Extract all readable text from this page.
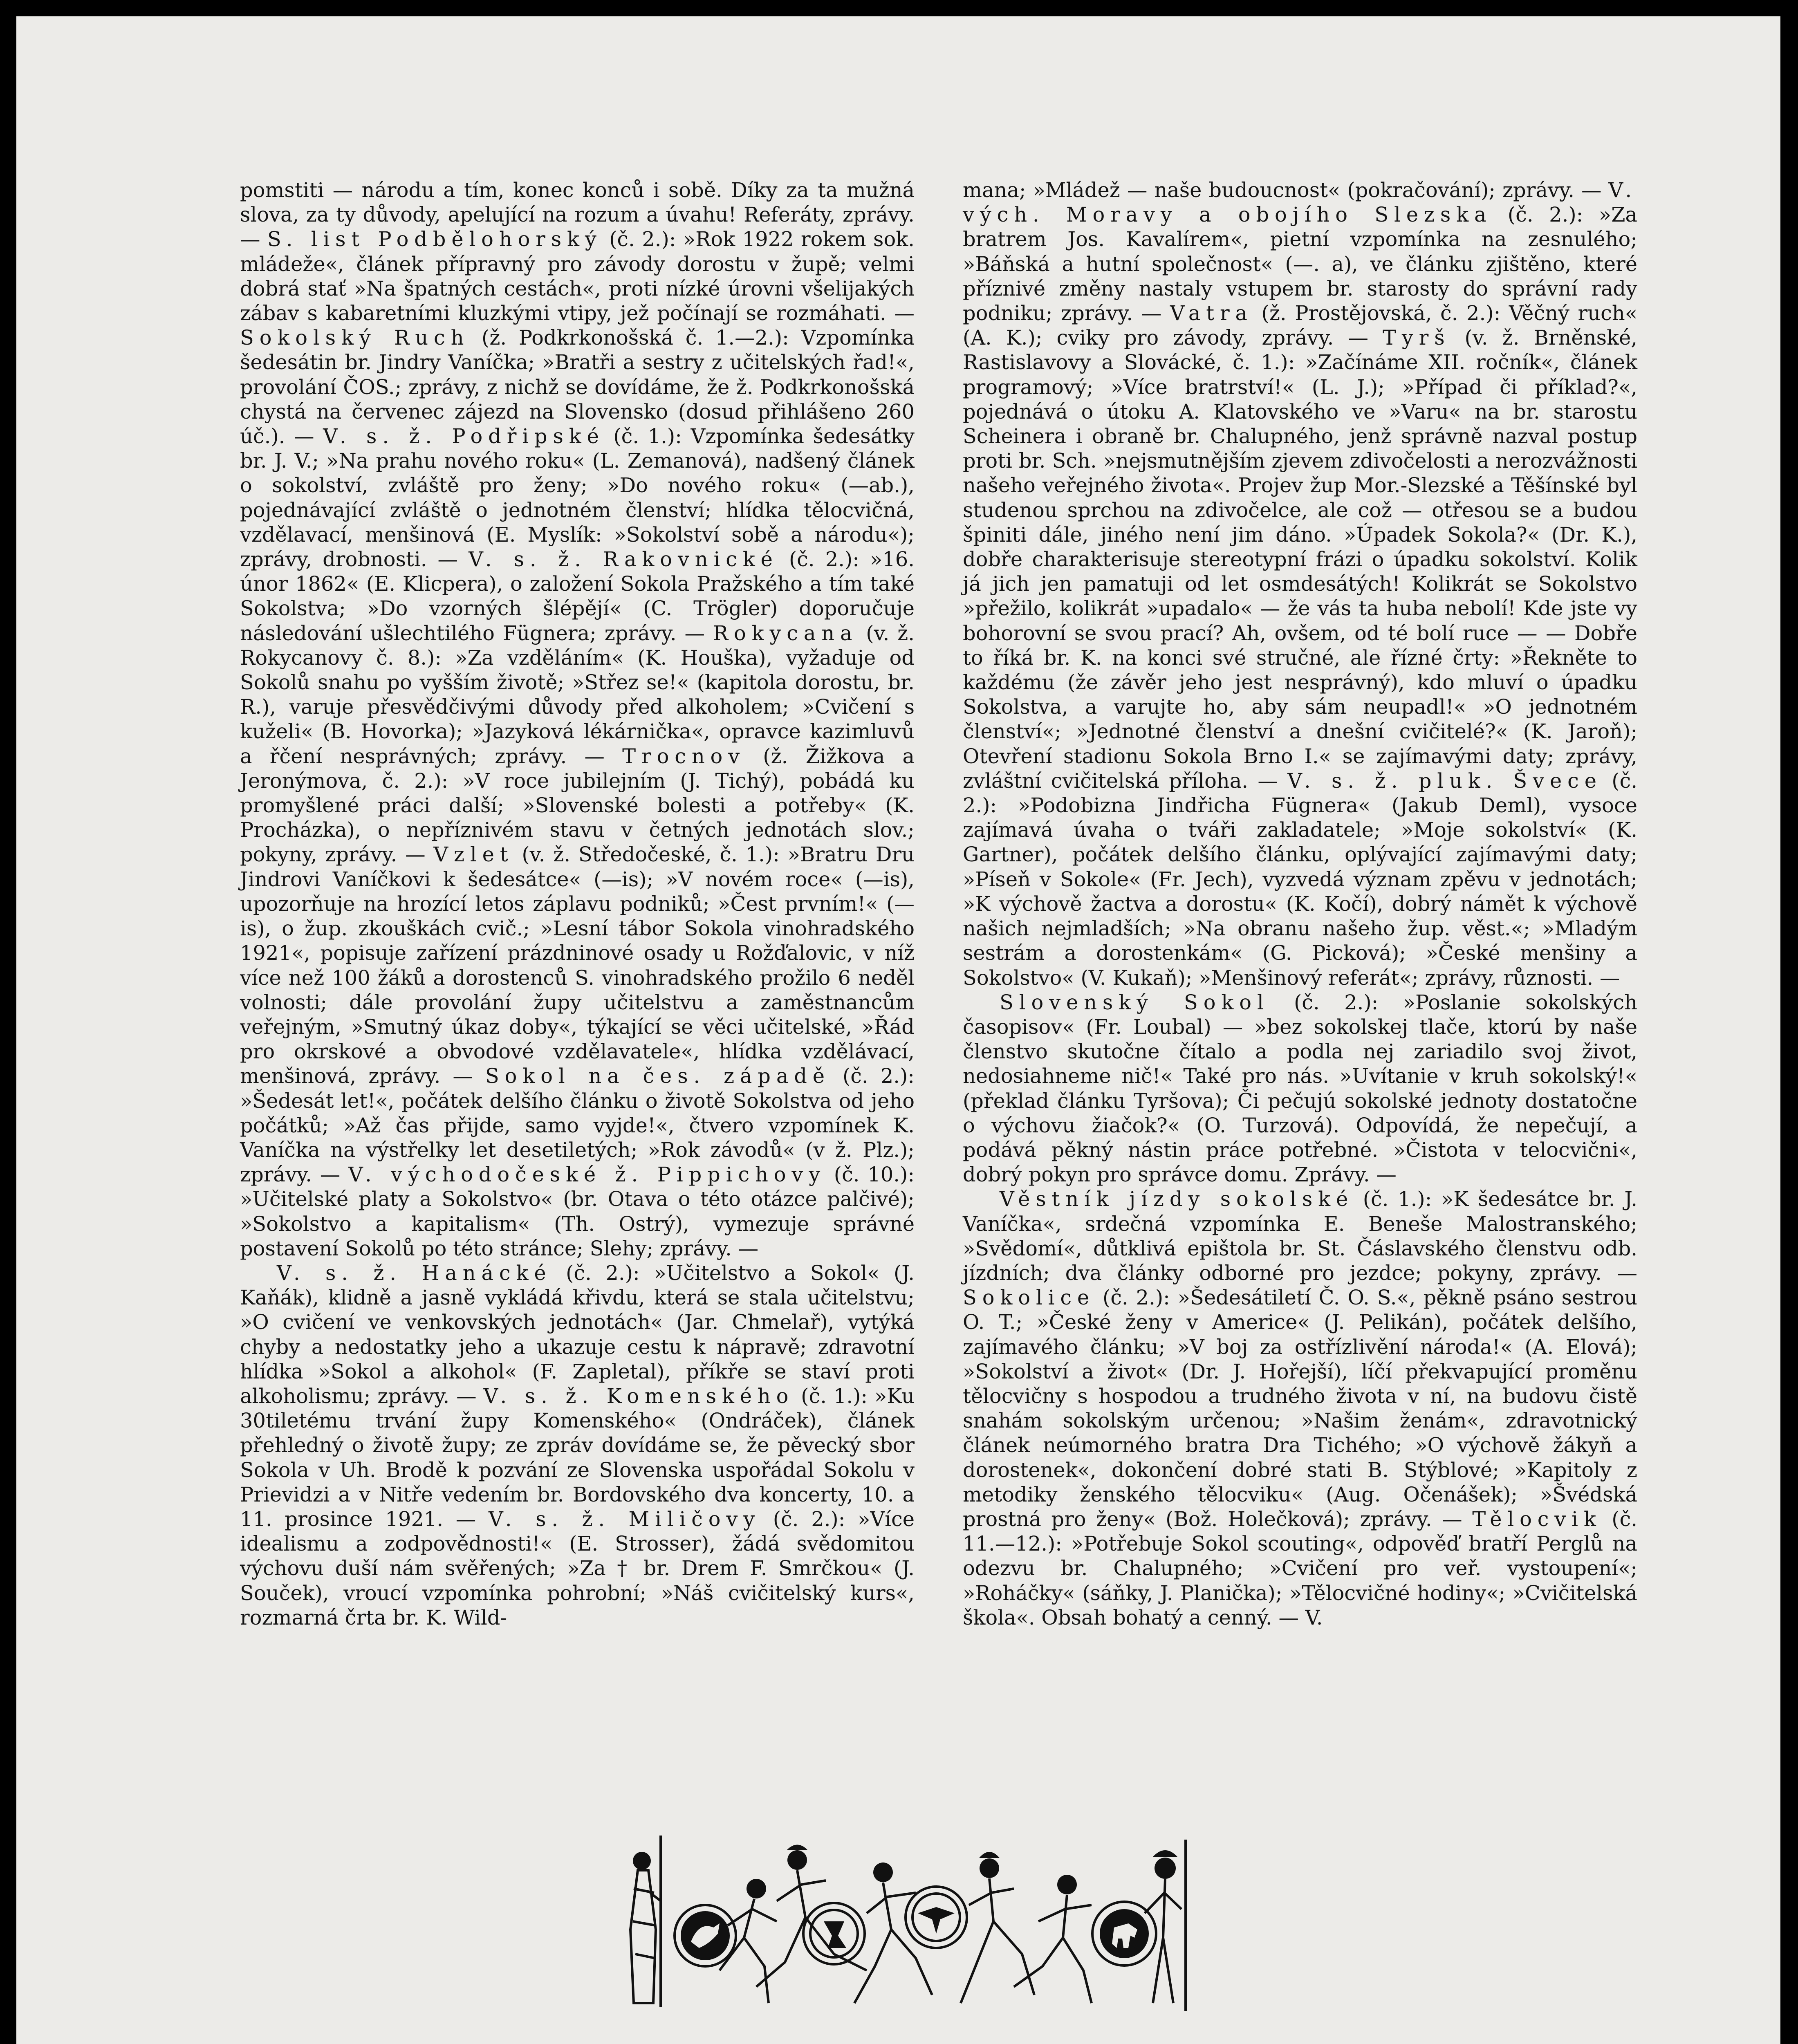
pomstiti — národu a tím, konec konců i sobě. Díky za ta mužná slova, za ty důvody, apelující na rozum a úvahu! Referáty, zprávy. — S. list Podbělohorský (č. 2.): »Rok 1922 rokem sok. mládeže«, článek přípravný pro závody dorostu v župě; velmi dobrá stať »Na špatných cestách«, proti nízké úrovni všelijakých zábav s kabaretními kluzkými vtipy, jež počínají se rozmáhati. — Sokolský Ruch (ž. Podkrkonošská č. 1.—2.): Vzpomínka šedesátin br. Jindry Vaníčka; »Bratři a sestry z učitelských řad!«, provolání ČOS.; zprávy, z nichž se dovídáme, že ž. Podkrkonošská chystá na červenec zájezd na Slovensko (dosud přihlášeno 260 úč.). — V. s. ž. Podřipské (č. 1.): Vzpomínka šedesátky br. J. V.; »Na prahu nového roku« (L. Zemanová), nadšený článek o sokolství, zvláště pro ženy; »Do nového roku« (—ab.), pojednávající zvláště o jednotném členství; hlídka tělocvičná, vzdělavací, menšinová (E. Myslík: »Sokolství sobě a národu«); zprávy, drobnosti. — V. s. ž. Rakovnické (č. 2.): »16. únor 1862« (E. Klicpera), o založení Sokola Pražského a tím také Sokolstva; »Do vzorných šlépějí« (C. Trögler) doporučuje následování ušlechtilého Fügnera; zprávy. — Rokycana (v. ž. Rokycanovy č. 8.): »Za vzděláním« (K. Houška), vyžaduje od Sokolů snahu po vyšším životě; »Střez se!« (kapitola dorostu, br. R.), varuje přesvědčivými důvody před alkoholem; »Cvičení s kuželi« (B. Hovorka); »Jazyková lékárnička«, opravce kazimluvů a řčení nesprávných; zprávy. — Trocnov (ž. Žižkova a Jeronýmova, č. 2.): »V roce jubilejním (J. Tichý), pobádá ku promyšlené práci další; »Slovenské bolesti a potřeby« (K. Procházka), o nepříznivém stavu v četných jednotách slov.; pokyny, zprávy. — Vzlet (v. ž. Středočeské, č. 1.): »Bratru Dru Jindrovi Vaníčkovi k šedesátce« (—is); »V novém roce« (—is), upozorňuje na hrozící letos záplavu podniků; »Čest prvním!« (—is), o žup. zkouškách cvič.; »Lesní tábor Sokola vinohradského 1921«, popisuje zařízení prázdninové osady u Rožďalovic, v níž více než 100 žáků a dorostenců S. vinohradského prožilo 6 neděl volnosti; dále provolání župy učitelstvu a zaměstnancům veřejným, »Smutný úkaz doby«, týkající se věci učitelské, »Řád pro okrskové a obvodové vzdělavatele«, hlídka vzdělávací, menšinová, zprávy. — Sokol na čes. západě (č. 2.): »Šedesát let!«, počátek delšího článku o životě Sokolstva od jeho počátků; »Až čas přijde, samo vyjde!«, čtvero vzpomínek K. Vaníčka na výstřelky let desetiletých; »Rok závodů« (v ž. Plz.); zprávy. — V. východočeské ž. Pippichovy (č. 10.): »Učitelské platy a Sokolstvo« (br. Otava o této otázce palčivé); »Sokolstvo a kapitalism« (Th. Ostrý), vymezuje správné postavení Sokolů po této stránce; Slehy; zprávy. —

V. s. ž. Hanácké (č. 2.): »Učitelstvo a Sokol« (J. Kaňák), klidně a jasně vykládá křivdu, která se stala učitelstvu; »O cvičení ve venkovských jednotách« (Jar. Chmelař), vytýká chyby a nedostatky jeho a ukazuje cestu k nápravě; zdravotní hlídka »Sokol a alkohol« (F. Zapletal), příkře se staví proti alkoholismu; zprávy. — V. s. ž. Komenského (č. 1.): »Ku 30tiletému trvání župy Komenského« (Ondráček), článek přehledný o životě župy; ze zpráv dovídáme se, že pěvecký sbor Sokola v Uh. Brodě k pozvání ze Slovenska uspořádal Sokolu v Prievidzi a v Nitře vedením br. Bordovského dva koncerty, 10. a 11. prosince 1921. — V. s. ž. Miličovy (č. 2.): »Více idealismu a zodpovědnosti!« (E. Strosser), žádá svědomitou výchovu duší nám svěřených; »Za † br. Drem F. Smrčkou« (J. Souček), vroucí vzpomínka pohrobní; »Náš cvičitelský kurs«, rozmarná črta br. K. Wild-

mana; »Mládež — naše budoucnost« (pokračování); zprávy. — V. vých. Moravy a obojího Slezska (č. 2.): »Za bratrem Jos. Kavalírem«, pietní vzpomínka na zesnulého; »Báňská a hutní společnost« (—. a), ve článku zjištěno, které příznivé změny nastaly vstupem br. starosty do správní rady podniku; zprávy. — Vatra (ž. Prostějovská, č. 2.): Věčný ruch« (A. K.); cviky pro závody, zprávy. — Tyrš (v. ž. Brněnské, Rastislavovy a Slovácké, č. 1.): »Začínáme XII. ročník«, článek programový; »Více bratrství!« (L. J.); »Případ či příklad?«, pojednává o útoku A. Klatovského ve »Varu« na br. starostu Scheinera i obraně br. Chalupného, jenž správně nazval postup proti br. Sch. »nejsmutnějším zjevem zdivočelosti a nerozvážnosti našeho veřejného života«. Projev žup Mor.-Slezské a Těšínské byl studenou sprchou na zdivočelce, ale což — otřesou se a budou špiniti dále, jiného není jim dáno. »Úpadek Sokola?« (Dr. K.), dobře charakterisuje stereotypní frázi o úpadku sokolství. Kolik já jich jen pamatuji od let osmdesátých! Kolikrát se Sokolstvo »přežilo, kolikrát »upadalo« — že vás ta huba nebolí! Kde jste vy bohorovní se svou prací? Ah, ovšem, od té bolí ruce — — Dobře to říká br. K. na konci své stručné, ale řízné črty: »Řekněte to každému (že závěr jeho jest nesprávný), kdo mluví o úpadku Sokolstva, a varujte ho, aby sám neupadl!« »O jednotném členství«; »Jednotné členství a dnešní cvičitelé?« (K. Jaroň); Otevření stadionu Sokola Brno I.« se zajímavými daty; zprávy, zvláštní cvičitelská příloha. — V. s. ž. pluk. Švece (č. 2.): »Podobizna Jindřicha Fügnera« (Jakub Deml), vysoce zajímavá úvaha o tváři zakladatele; »Moje sokolství« (K. Gartner), počátek delšího článku, oplývající zajímavými daty; »Píseň v Sokole« (Fr. Jech), vyzvedá význam zpěvu v jednotách; »K výchově žactva a dorostu« (K. Kočí), dobrý námět k výchově našich nejmladších; »Na obranu našeho žup. věst.«; »Mladým sestrám a dorostenkám« (G. Picková); »České menšiny a Sokolstvo« (V. Kukaň); »Menšinový referát«; zprávy, různosti. —

Slovenský Sokol (č. 2.): »Poslanie sokolských časopisov« (Fr. Loubal) — »bez sokolskej tlače, ktorú by naše členstvo skutočne čítalo a podla nej zariadilo svoj život, nedosiahneme nič!« Také pro nás. »Uvítanie v kruh sokolský!« (překlad článku Tyršova); Či pečujú sokolské jednoty dostatočne o výchovu žiačok?« (O. Turzová). Odpovídá, že nepečují, a podává pěkný nástin práce potřebné. »Čistota v telocvični«, dobrý pokyn pro správce domu. Zprávy. —

Věstník jízdy sokolské (č. 1.): »K šedesátce br. J. Vaníčka«, srdečná vzpomínka E. Beneše Malostranského; »Svědomí«, důtklivá epištola br. St. Čáslavského členstvu odb. jízdních; dva články odborné pro jezdce; pokyny, zprávy. — Sokolice (č. 2.): »Šedesátiletí Č. O. S.«, pěkně psáno sestrou O. T.; »České ženy v Americe« (J. Pelikán), počátek delšího, zajímavého článku; »V boj za ostřízlivění národa!« (A. Elová); »Sokolství a život« (Dr. J. Hořejší), líčí překvapující proměnu tělocvičny s hospodou a trudného života v ní, na budovu čistě snahám sokolským určenou; »Našim ženám«, zdravotnický článek neúmorného bratra Dra Tichého; »O výchově žákyň a dorostenek«, dokončení dobré stati B. Stýblové; »Kapitoly z metodiky ženského tělocviku« (Aug. Očenášek); »Švédská prostná pro ženy« (Bož. Holečková); zprávy. — Tělocvik (č. 11.—12.): »Potřebuje Sokol scouting«, odpověď bratří Perglů na odezvu br. Chalupného; »Cvičení pro veř. vystoupení«; »Roháčky« (sáňky, J. Planička); »Tělocvičné hodiny«; »Cvičitelská škola«. Obsah bohatý a cenný. — V.
